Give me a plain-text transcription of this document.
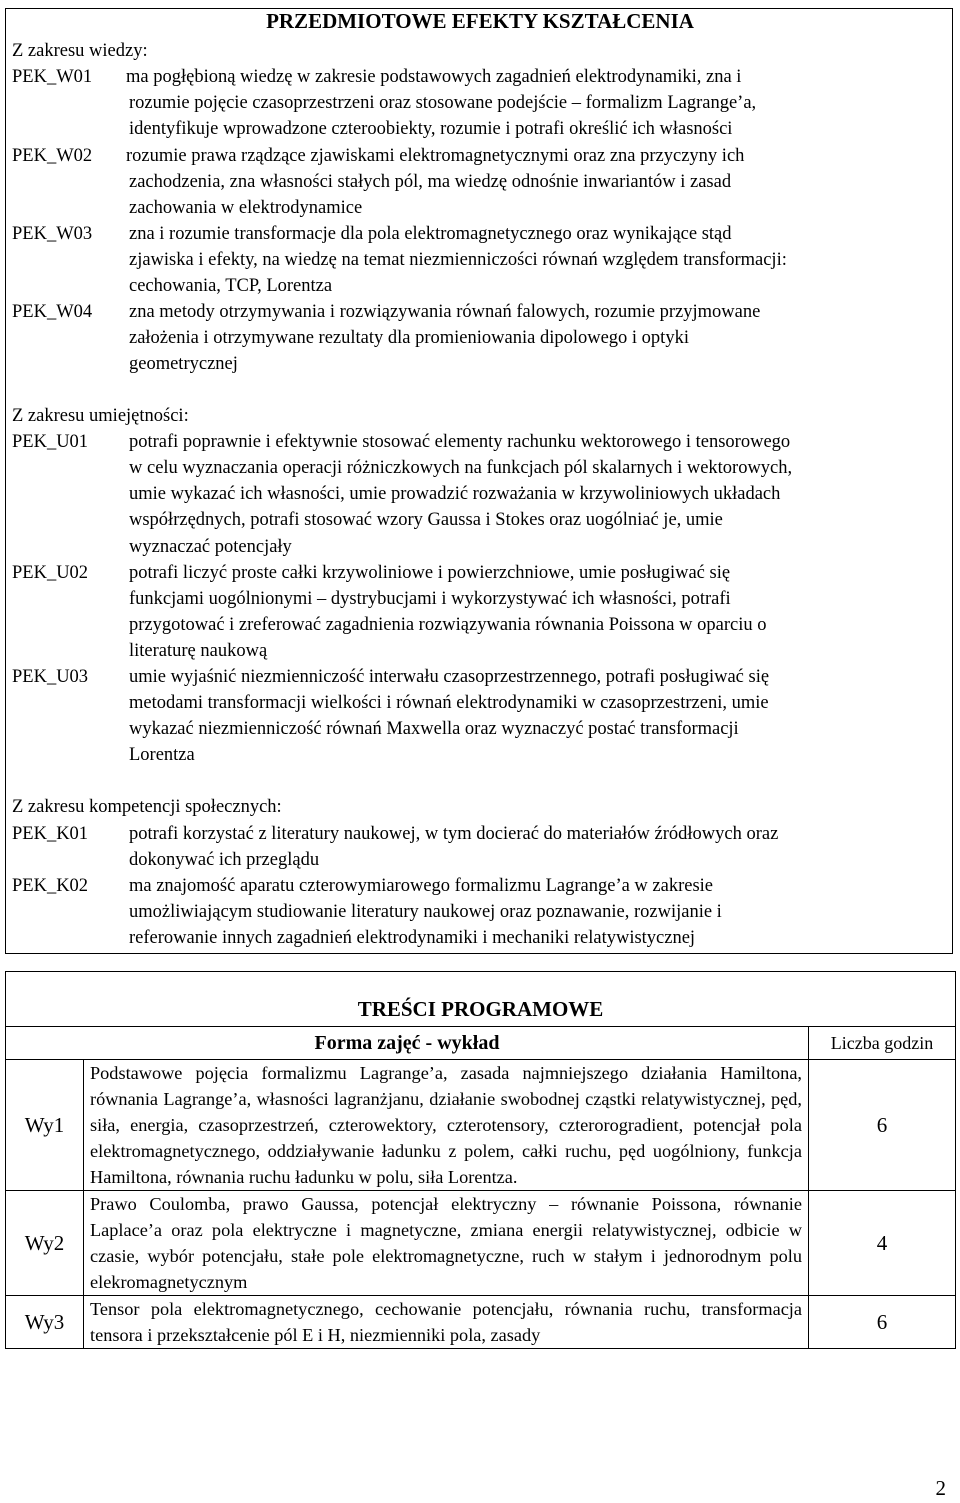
PRZEDMIOTOWE EFEKTY KSZTAŁCENIA
Z zakresu wiedzy:
PEK_W01 ma pogłębioną wiedzę w zakresie podstawowych zagadnień elektrodynamiki, zna i
rozumie pojęcie czasoprzestrzeni oraz stosowane podejście – formalizm Lagrange’a,
identyfikuje wprowadzone czteroobiekty, rozumie i potrafi określić ich własności
PEK_W02 rozumie prawa rządzące zjawiskami elektromagnetycznymi oraz zna przyczyny ich
zachodzenia, zna własności stałych pól, ma wiedzę odnośnie inwariantów i zasad
zachowania w elektrodynamice
PEK_W03 zna i rozumie transformacje dla pola elektromagnetycznego oraz wynikające stąd
zjawiska i efekty, na wiedzę na temat niezmienniczości równań względem transformacji:
cechowania, TCP, Lorentza
PEK_W04 zna metody otrzymywania i rozwiązywania równań falowych, rozumie przyjmowane
założenia i otrzymywane rezultaty dla promieniowania dipolowego i optyki
geometrycznej
Z zakresu umiejętności:
PEK_U01 potrafi poprawnie i efektywnie stosować elementy rachunku wektorowego i tensorowego
w celu wyznaczania operacji różniczkowych na funkcjach pól skalarnych i wektorowych,
umie wykazać ich własności, umie prowadzić rozważania w krzywoliniowych układach
współrzędnych, potrafi stosować wzory Gaussa i Stokes oraz uogólniać je, umie
wyznaczać potencjały
PEK_U02 potrafi liczyć proste całki krzywoliniowe i powierzchniowe, umie posługiwać się
funkcjami uogólnionymi – dystrybucjami i wykorzystywać ich własności, potrafi
przygotować i zreferować zagadnienia rozwiązywania równania Poissona w oparciu o
literaturę naukową
PEK_U03 umie wyjaśnić niezmienniczość interwału czasoprzestrzennego, potrafi posługiwać się
metodami transformacji wielkości i równań elektrodynamiki w czasoprzestrzeni, umie
wykazać niezmienniczość równań Maxwella oraz wyznaczyć postać transformacji
Lorentza
Z zakresu kompetencji społecznych:
PEK_K01 potrafi korzystać z literatury naukowej, w tym docierać do materiałów źródłowych oraz
dokonywać ich przeglądu
PEK_K02 ma znajomość aparatu czterowymiarowego formalizmu Lagrange’a w zakresie
umożliwiającym studiowanie literatury naukowej oraz poznawanie, rozwijanie i
referowanie innych zagadnień elektrodynamiki i mechaniki relatywistycznej
TREŚCI PROGRAMOWE		
Forma zajęć - wykład		Liczba godzin
Wy1	Podstawowe pojęcia formalizmu Lagrange’a, zasada najmniejszego działania Hamiltona, równania Lagrange’a, własności lagranżjanu, działanie swobodnej cząstki relatywistycznej, pęd, siła, energia, czasoprzestrzeń, czterowektory, czterotensory, czterorogradient, potencjał pola elektromagnetycznego, oddziaływanie ładunku z polem, całki ruchu, pęd uogólniony, funkcja Hamiltona, równania ruchu ładunku w polu, siła Lorentza.	6
Wy2	Prawo Coulomba, prawo Gaussa, potencjał elektryczny – równanie Poissona, równanie Laplace’a oraz pola elektryczne i magnetyczne, zmiana energii relatywistycznej, odbicie w czasie, wybór potencjału, stałe pole elektromagnetyczne, ruch w stałym i jednorodnym polu elekromagnetycznym	4
Wy3	Tensor pola elektromagnetycznego, cechowanie potencjału, równania ruchu, transformacja tensora i przekształcenie pól E i H, niezmienniki pola, zasady	6
2
